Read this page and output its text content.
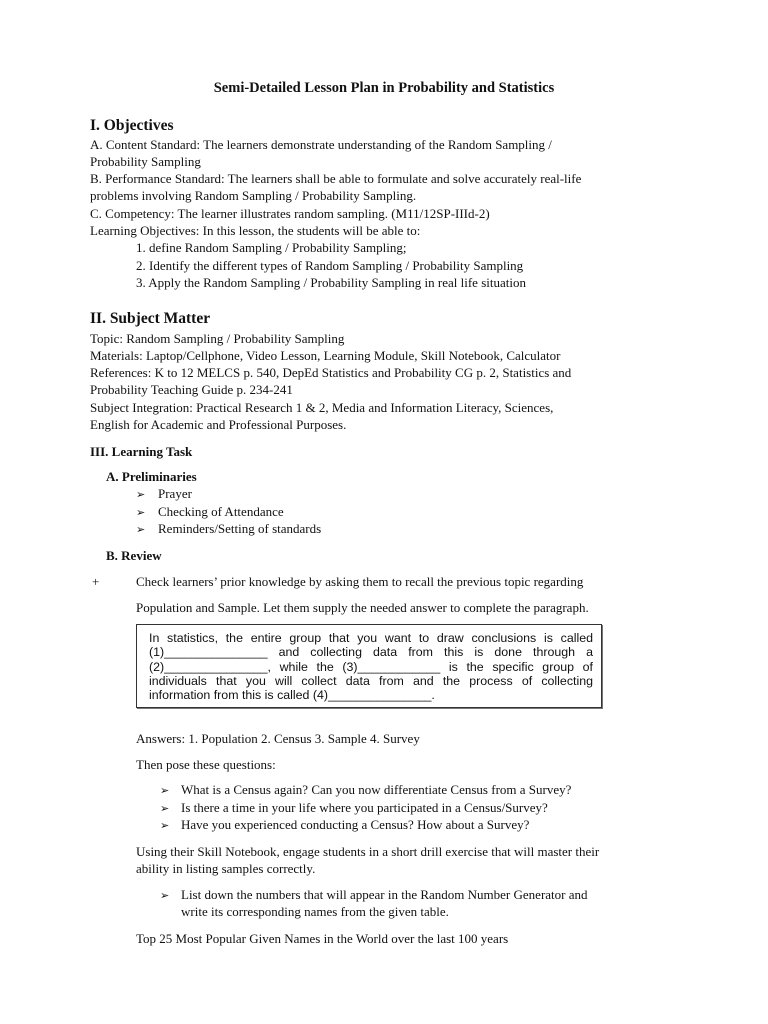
Semi-Detailed Lesson Plan in Probability and Statistics
I. Objectives
A. Content Standard: The learners demonstrate understanding of the Random Sampling /
Probability Sampling
B. Performance Standard: The learners shall be able to formulate and solve accurately real-life
problems involving Random Sampling / Probability Sampling.
C. Competency: The learner illustrates random sampling. (M11/12SP-IIId-2)
Learning Objectives: In this lesson, the students will be able to:
1. define Random Sampling / Probability Sampling;
2. Identify the different types of Random Sampling / Probability Sampling
3. Apply the Random Sampling / Probability Sampling in real life situation
II. Subject Matter
Topic: Random Sampling / Probability Sampling
Materials: Laptop/Cellphone, Video Lesson, Learning Module, Skill Notebook, Calculator
References: K to 12 MELCS p. 540, DepEd Statistics and Probability CG p. 2, Statistics and
Probability Teaching Guide p. 234-241
Subject Integration: Practical Research 1 & 2, Media and Information Literacy, Sciences,
English for Academic and Professional Purposes.
III. Learning Task
A. Preliminaries
➢
Prayer
➢
Checking of Attendance
➢
Reminders/Setting of standards
B. Review
+	Check learners’ prior knowledge by asking them to recall the previous topic regarding
Population and Sample. Let them supply the needed answer to complete the paragraph.
In statistics, the entire group that you want to draw conclusions is called
(1)_______________ and collecting data from this is done through a
(2)_______________, while the (3)____________ is the specific group of
individuals that you will collect data from and the process of collecting
information from this is called (4)_______________.
Answers: 1. Population 2. Census 3. Sample 4. Survey
Then pose these questions:
➢
What is a Census again? Can you now differentiate Census from a Survey?
➢
Is there a time in your life where you participated in a Census/Survey?
➢
Have you experienced conducting a Census? How about a Survey?
Using their Skill Notebook, engage students in a short drill exercise that will master their
ability in listing samples correctly.
➢
List down the numbers that will appear in the Random Number Generator and
write its corresponding names from the given table.
Top 25 Most Popular Given Names in the World over the last 100 years
